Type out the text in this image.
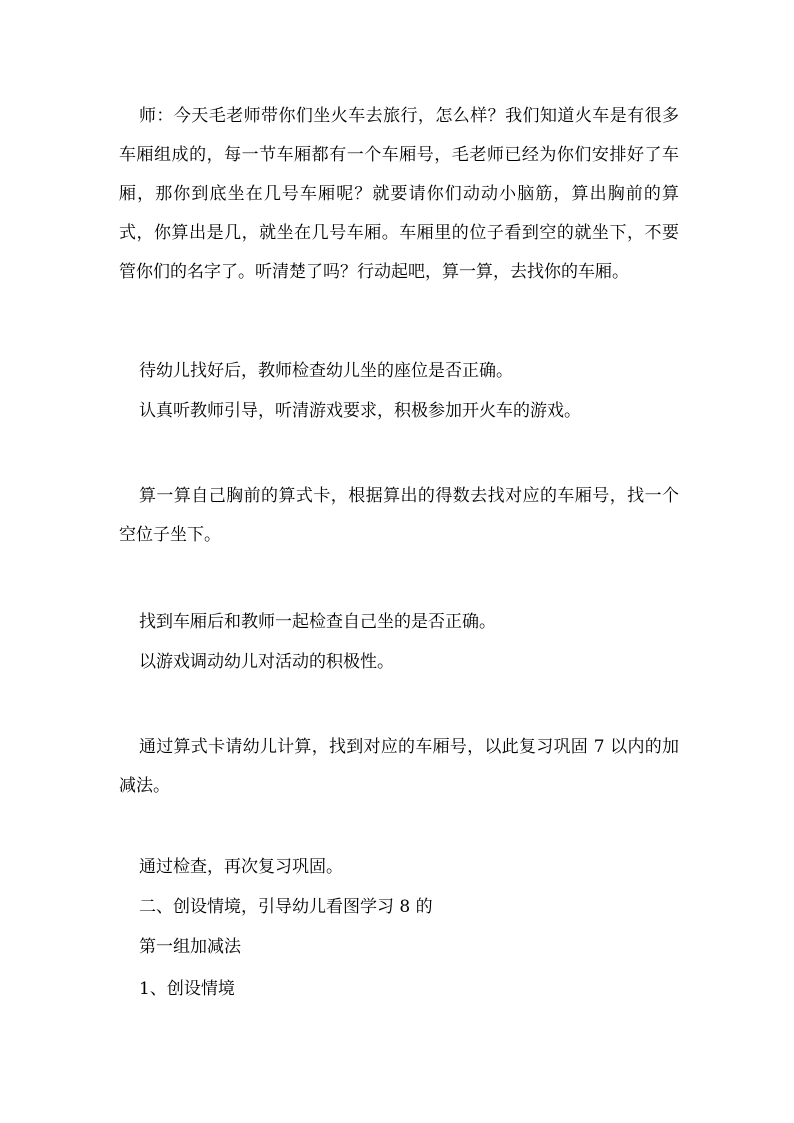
师：今天毛老师带你们坐火车去旅行，怎么样？我们知道火车是有很多车厢组成的，每一节车厢都有一个车厢号，毛老师已经为你们安排好了车厢，那你到底坐在几号车厢呢？就要请你们动动小脑筋，算出胸前的算式，你算出是几，就坐在几号车厢。车厢里的位子看到空的就坐下，不要管你们的名字了。听清楚了吗？行动起吧，算一算，去找你的车厢。

待幼儿找好后，教师检查幼儿坐的座位是否正确。

认真听教师引导，听清游戏要求，积极参加开火车的游戏。

算一算自己胸前的算式卡，根据算出的得数去找对应的车厢号，找一个空位子坐下。

找到车厢后和教师一起检查自己坐的是否正确。

以游戏调动幼儿对活动的积极性。

通过算式卡请幼儿计算，找到对应的车厢号，以此复习巩固 7 以内的加减法。

通过检查，再次复习巩固。

二、创设情境，引导幼儿看图学习 8 的

第一组加减法

1、创设情境
